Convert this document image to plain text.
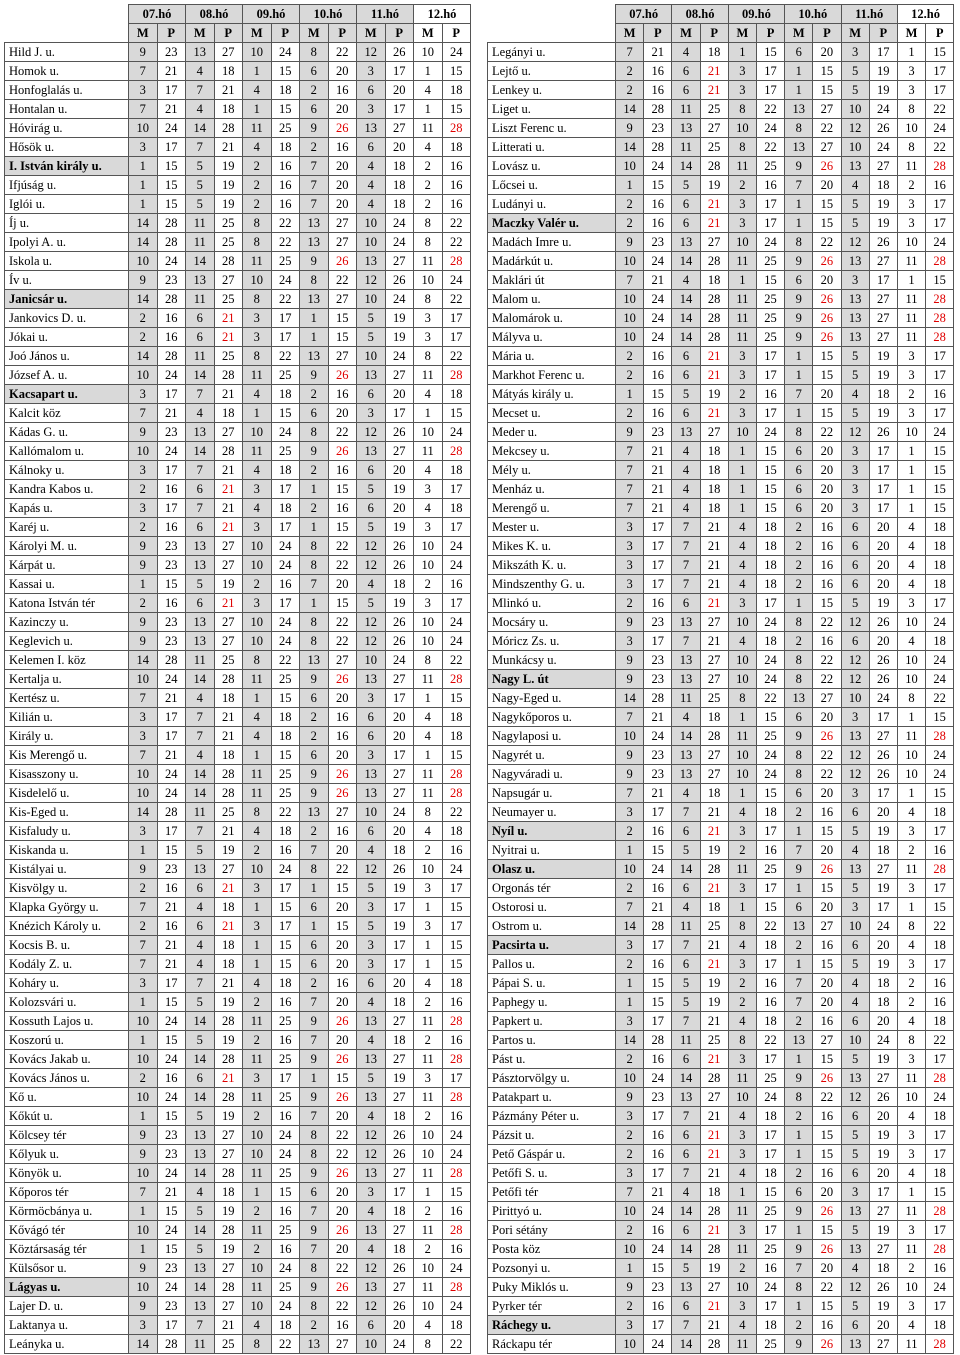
	07.hó		08.hó		09.hó		10.hó		11.hó		12.hó	
	M	P	M	P	M	P	M	P	M	P	M	P
Hild J. u.	9	23	13	27	10	24	8	22	12	26	10	24
Homok u.	7	21	4	18	1	15	6	20	3	17	1	15
Honfoglalás u.	3	17	7	21	4	18	2	16	6	20	4	18
Hontalan u.	7	21	4	18	1	15	6	20	3	17	1	15
Hóvirág u.	10	24	14	28	11	25	9	26	13	27	11	28
Hősök u.	3	17	7	21	4	18	2	16	6	20	4	18
I. István király u.	1	15	5	19	2	16	7	20	4	18	2	16
Ifjúság u.	1	15	5	19	2	16	7	20	4	18	2	16
Iglói u.	1	15	5	19	2	16	7	20	4	18	2	16
Íj u.	14	28	11	25	8	22	13	27	10	24	8	22
Ipolyi A. u.	14	28	11	25	8	22	13	27	10	24	8	22
Iskola u.	10	24	14	28	11	25	9	26	13	27	11	28
Ív u.	9	23	13	27	10	24	8	22	12	26	10	24
Janicsár u.	14	28	11	25	8	22	13	27	10	24	8	22
Jankovics D. u.	2	16	6	21	3	17	1	15	5	19	3	17
Jókai u.	2	16	6	21	3	17	1	15	5	19	3	17
Joó János u.	14	28	11	25	8	22	13	27	10	24	8	22
József A. u.	10	24	14	28	11	25	9	26	13	27	11	28
Kacsapart u.	3	17	7	21	4	18	2	16	6	20	4	18
Kalcit köz	7	21	4	18	1	15	6	20	3	17	1	15
Kádas G. u.	9	23	13	27	10	24	8	22	12	26	10	24
Kallómalom u.	10	24	14	28	11	25	9	26	13	27	11	28
Kálnoky u.	3	17	7	21	4	18	2	16	6	20	4	18
Kandra Kabos u.	2	16	6	21	3	17	1	15	5	19	3	17
Kapás u.	3	17	7	21	4	18	2	16	6	20	4	18
Karéj u.	2	16	6	21	3	17	1	15	5	19	3	17
Károlyi M. u.	9	23	13	27	10	24	8	22	12	26	10	24
Kárpát u.	9	23	13	27	10	24	8	22	12	26	10	24
Kassai u.	1	15	5	19	2	16	7	20	4	18	2	16
Katona István tér	2	16	6	21	3	17	1	15	5	19	3	17
Kazinczy u.	9	23	13	27	10	24	8	22	12	26	10	24
Keglevich u.	9	23	13	27	10	24	8	22	12	26	10	24
Kelemen I. köz	14	28	11	25	8	22	13	27	10	24	8	22
Kertalja u.	10	24	14	28	11	25	9	26	13	27	11	28
Kertész u.	7	21	4	18	1	15	6	20	3	17	1	15
Kilián u.	3	17	7	21	4	18	2	16	6	20	4	18
Király u.	3	17	7	21	4	18	2	16	6	20	4	18
Kis Merengő u.	7	21	4	18	1	15	6	20	3	17	1	15
Kisasszony u.	10	24	14	28	11	25	9	26	13	27	11	28
Kisdelelő u.	10	24	14	28	11	25	9	26	13	27	11	28
Kis-Eged u.	14	28	11	25	8	22	13	27	10	24	8	22
Kisfaludy u.	3	17	7	21	4	18	2	16	6	20	4	18
Kiskanda u.	1	15	5	19	2	16	7	20	4	18	2	16
Kistályai u.	9	23	13	27	10	24	8	22	12	26	10	24
Kisvölgy u.	2	16	6	21	3	17	1	15	5	19	3	17
Klapka György u.	7	21	4	18	1	15	6	20	3	17	1	15
Knézich Károly u.	2	16	6	21	3	17	1	15	5	19	3	17
Kocsis B. u.	7	21	4	18	1	15	6	20	3	17	1	15
Kodály Z. u.	7	21	4	18	1	15	6	20	3	17	1	15
Koháry u.	3	17	7	21	4	18	2	16	6	20	4	18
Kolozsvári u.	1	15	5	19	2	16	7	20	4	18	2	16
Kossuth Lajos u.	10	24	14	28	11	25	9	26	13	27	11	28
Koszorú u.	1	15	5	19	2	16	7	20	4	18	2	16
Kovács Jakab u.	10	24	14	28	11	25	9	26	13	27	11	28
Kovács János u.	2	16	6	21	3	17	1	15	5	19	3	17
Kő u.	10	24	14	28	11	25	9	26	13	27	11	28
Kőkút u.	1	15	5	19	2	16	7	20	4	18	2	16
Kölcsey tér	9	23	13	27	10	24	8	22	12	26	10	24
Kőlyuk u.	9	23	13	27	10	24	8	22	12	26	10	24
Könyök u.	10	24	14	28	11	25	9	26	13	27	11	28
Kőporos tér	7	21	4	18	1	15	6	20	3	17	1	15
Körmöcbánya u.	1	15	5	19	2	16	7	20	4	18	2	16
Kővágó tér	10	24	14	28	11	25	9	26	13	27	11	28
Köztársaság tér	1	15	5	19	2	16	7	20	4	18	2	16
Külsősor u.	9	23	13	27	10	24	8	22	12	26	10	24
Lágyas u.	10	24	14	28	11	25	9	26	13	27	11	28
Lajer D. u.	9	23	13	27	10	24	8	22	12	26	10	24
Laktanya u.	3	17	7	21	4	18	2	16	6	20	4	18
Leányka u.	14	28	11	25	8	22	13	27	10	24	8	22
	07.hó		08.hó		09.hó		10.hó		11.hó		12.hó	
	M	P	M	P	M	P	M	P	M	P	M	P
Legányi u.	7	21	4	18	1	15	6	20	3	17	1	15
Lejtő u.	2	16	6	21	3	17	1	15	5	19	3	17
Lenkey u.	2	16	6	21	3	17	1	15	5	19	3	17
Liget u.	14	28	11	25	8	22	13	27	10	24	8	22
Liszt Ferenc u.	9	23	13	27	10	24	8	22	12	26	10	24
Litterati u.	14	28	11	25	8	22	13	27	10	24	8	22
Lovász u.	10	24	14	28	11	25	9	26	13	27	11	28
Lőcsei u.	1	15	5	19	2	16	7	20	4	18	2	16
Ludányi u.	2	16	6	21	3	17	1	15	5	19	3	17
Maczky Valér u.	2	16	6	21	3	17	1	15	5	19	3	17
Madách Imre u.	9	23	13	27	10	24	8	22	12	26	10	24
Madárkút u.	10	24	14	28	11	25	9	26	13	27	11	28
Maklári út	7	21	4	18	1	15	6	20	3	17	1	15
Malom u.	10	24	14	28	11	25	9	26	13	27	11	28
Malomárok u.	10	24	14	28	11	25	9	26	13	27	11	28
Mályva u.	10	24	14	28	11	25	9	26	13	27	11	28
Mária u.	2	16	6	21	3	17	1	15	5	19	3	17
Markhot Ferenc u.	2	16	6	21	3	17	1	15	5	19	3	17
Mátyás király u.	1	15	5	19	2	16	7	20	4	18	2	16
Mecset u.	2	16	6	21	3	17	1	15	5	19	3	17
Meder u.	9	23	13	27	10	24	8	22	12	26	10	24
Mekcsey u.	7	21	4	18	1	15	6	20	3	17	1	15
Mély u.	7	21	4	18	1	15	6	20	3	17	1	15
Menház u.	7	21	4	18	1	15	6	20	3	17	1	15
Merengő u.	7	21	4	18	1	15	6	20	3	17	1	15
Mester u.	3	17	7	21	4	18	2	16	6	20	4	18
Mikes K. u.	3	17	7	21	4	18	2	16	6	20	4	18
Mikszáth K. u.	3	17	7	21	4	18	2	16	6	20	4	18
Mindszenthy G. u.	3	17	7	21	4	18	2	16	6	20	4	18
Mlinkó u.	2	16	6	21	3	17	1	15	5	19	3	17
Mocsáry u.	9	23	13	27	10	24	8	22	12	26	10	24
Móricz Zs. u.	3	17	7	21	4	18	2	16	6	20	4	18
Munkácsy u.	9	23	13	27	10	24	8	22	12	26	10	24
Nagy L. út	9	23	13	27	10	24	8	22	12	26	10	24
Nagy-Eged u.	14	28	11	25	8	22	13	27	10	24	8	22
Nagykőporos u.	7	21	4	18	1	15	6	20	3	17	1	15
Nagylaposi u.	10	24	14	28	11	25	9	26	13	27	11	28
Nagyrét u.	9	23	13	27	10	24	8	22	12	26	10	24
Nagyváradi u.	9	23	13	27	10	24	8	22	12	26	10	24
Napsugár u.	7	21	4	18	1	15	6	20	3	17	1	15
Neumayer u.	3	17	7	21	4	18	2	16	6	20	4	18
Nyíl u.	2	16	6	21	3	17	1	15	5	19	3	17
Nyitrai u.	1	15	5	19	2	16	7	20	4	18	2	16
Olasz u.	10	24	14	28	11	25	9	26	13	27	11	28
Orgonás tér	2	16	6	21	3	17	1	15	5	19	3	17
Ostorosi u.	7	21	4	18	1	15	6	20	3	17	1	15
Ostrom u.	14	28	11	25	8	22	13	27	10	24	8	22
Pacsirta u.	3	17	7	21	4	18	2	16	6	20	4	18
Pallos u.	2	16	6	21	3	17	1	15	5	19	3	17
Pápai S. u.	1	15	5	19	2	16	7	20	4	18	2	16
Paphegy u.	1	15	5	19	2	16	7	20	4	18	2	16
Papkert u.	3	17	7	21	4	18	2	16	6	20	4	18
Partos u.	14	28	11	25	8	22	13	27	10	24	8	22
Pást u.	2	16	6	21	3	17	1	15	5	19	3	17
Pásztorvölgy u.	10	24	14	28	11	25	9	26	13	27	11	28
Patakpart u.	9	23	13	27	10	24	8	22	12	26	10	24
Pázmány Péter u.	3	17	7	21	4	18	2	16	6	20	4	18
Pázsit u.	2	16	6	21	3	17	1	15	5	19	3	17
Pető Gáspár u.	2	16	6	21	3	17	1	15	5	19	3	17
Petőfi S. u.	3	17	7	21	4	18	2	16	6	20	4	18
Petőfi tér	7	21	4	18	1	15	6	20	3	17	1	15
Pirittyó u.	10	24	14	28	11	25	9	26	13	27	11	28
Pori sétány	2	16	6	21	3	17	1	15	5	19	3	17
Posta köz	10	24	14	28	11	25	9	26	13	27	11	28
Pozsonyi u.	1	15	5	19	2	16	7	20	4	18	2	16
Puky Miklós u.	9	23	13	27	10	24	8	22	12	26	10	24
Pyrker tér	2	16	6	21	3	17	1	15	5	19	3	17
Ráchegy u.	3	17	7	21	4	18	2	16	6	20	4	18
Ráckapu tér	10	24	14	28	11	25	9	26	13	27	11	28
